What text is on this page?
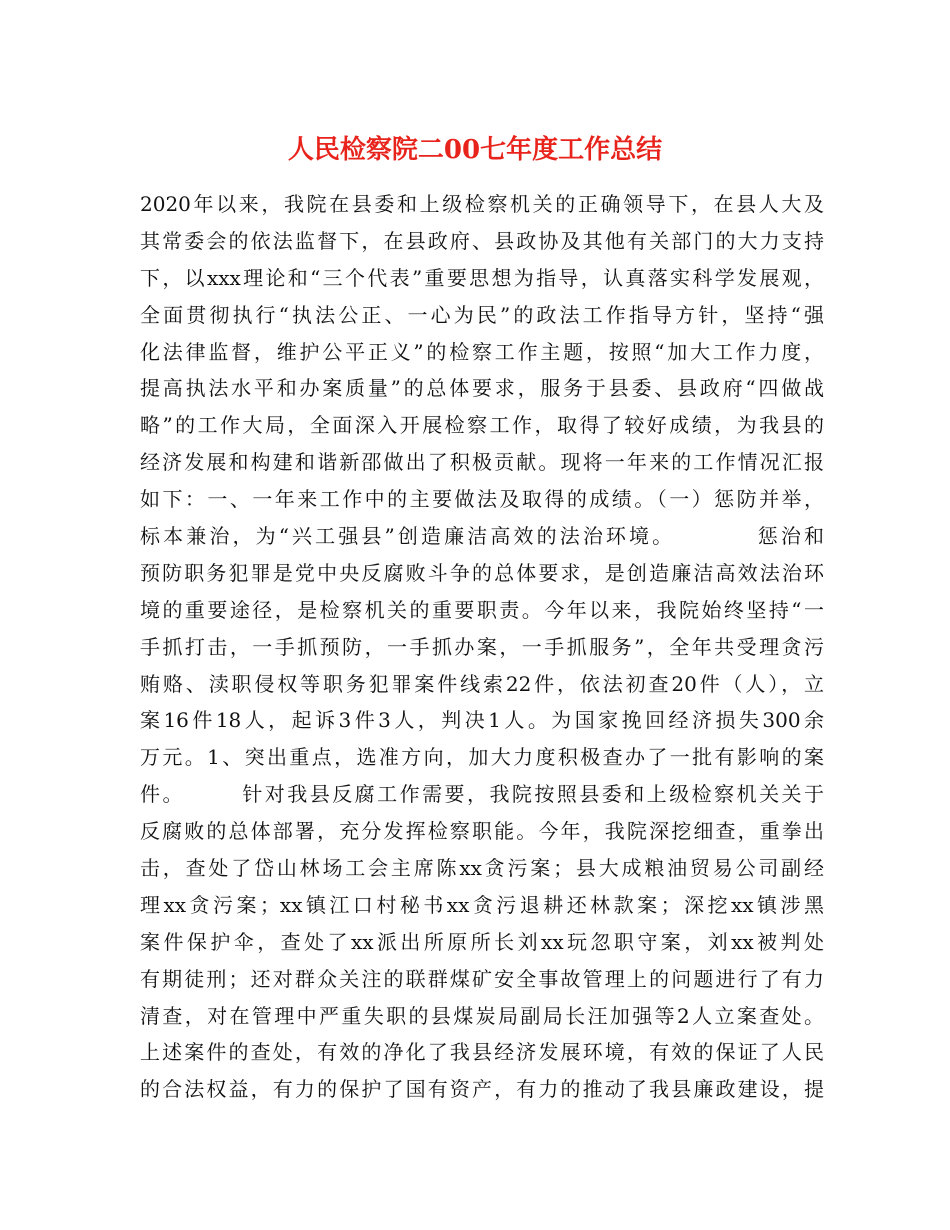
人民检察院二00七年度工作总结
2020年以来，我院在县委和上级检察机关的正确领导下，在县人大及
其常委会的依法监督下，在县政府、县政协及其他有关部门的大力支持
下，以xxx理论和“三个代表”重要思想为指导，认真落实科学发展观，
全面贯彻执行“执法公正、一心为民”的政法工作指导方针，坚持“强
化法律监督，维护公平正义”的检察工作主题，按照“加大工作力度，
提高执法水平和办案质量”的总体要求，服务于县委、县政府“四做战
略”的工作大局，全面深入开展检察工作，取得了较好成绩，为我县的
经济发展和构建和谐新邵做出了积极贡献。现将一年来的工作情况汇报
如下：一、一年来工作中的主要做法及取得的成绩。（一）惩防并举，
标本兼治，为“兴工强县”创造廉洁高效的法治环境。　　　　惩治和
预防职务犯罪是党中央反腐败斗争的总体要求，是创造廉洁高效法治环
境的重要途径，是检察机关的重要职责。今年以来，我院始终坚持“一
手抓打击，一手抓预防，一手抓办案，一手抓服务”，全年共受理贪污
贿赂、渎职侵权等职务犯罪案件线索22件，依法初查20件（人），立
案16件18人，起诉3件3人，判决1人。为国家挽回经济损失300余
万元。1、突出重点，选准方向，加大力度积极查办了一批有影响的案
件。　　　针对我县反腐工作需要，我院按照县委和上级检察机关关于
反腐败的总体部署，充分发挥检察职能。今年，我院深挖细查，重拳出
击，查处了岱山林场工会主席陈xx贪污案；县大成粮油贸易公司副经
理xx贪污案；xx镇江口村秘书xx贪污退耕还林款案；深挖xx镇涉黑
案件保护伞，查处了xx派出所原所长刘xx玩忽职守案，刘xx被判处
有期徒刑；还对群众关注的联群煤矿安全事故管理上的问题进行了有力
清查，对在管理中严重失职的县煤炭局副局长汪加强等2人立案查处。
上述案件的查处，有效的净化了我县经济发展环境，有效的保证了人民
的合法权益，有力的保护了国有资产，有力的推动了我县廉政建设，提
